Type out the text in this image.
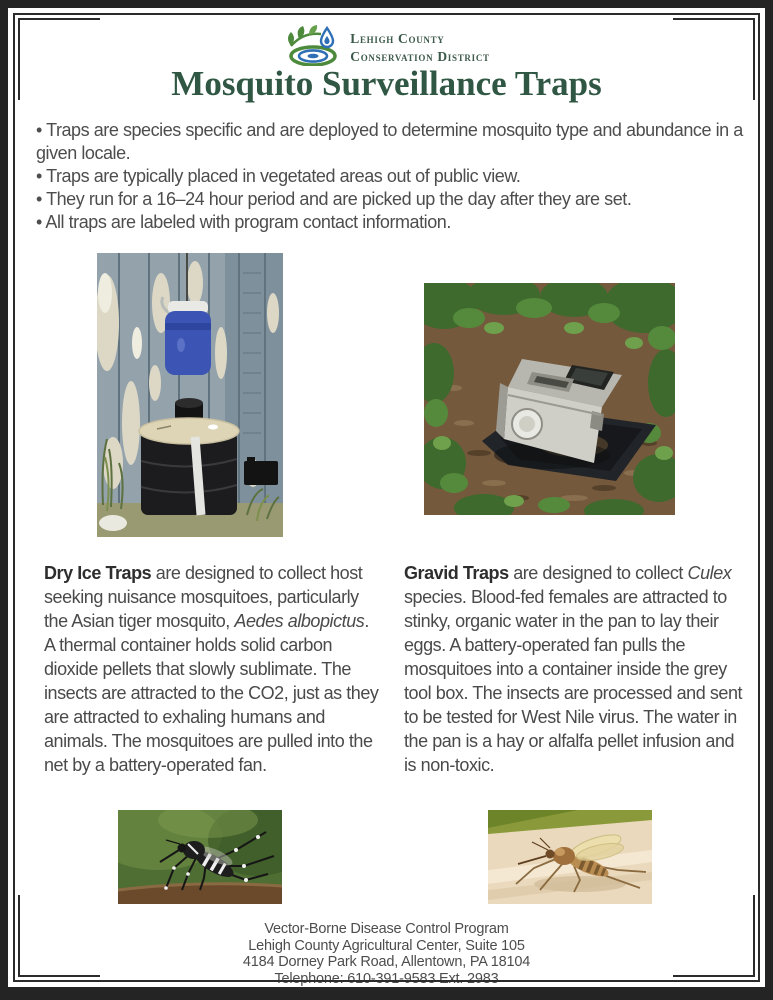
Lehigh County
Conservation District
Mosquito Surveillance Traps
• Traps are species specific and are deployed to determine mosquito type and abundance in a given locale.
• Traps are typically placed in vegetated areas out of public view.
• They run for a 16–24 hour period and are picked up the day after they are set.
• All traps are labeled with program contact information.
Dry Ice Traps are designed to collect host seeking nuisance mosquitoes, particularly the Asian tiger mosquito, Aedes albopictus. A thermal container holds solid carbon dioxide pellets that slowly sublimate. The insects are attracted to the CO2, just as they are attracted to exhaling humans and animals. The mosquitoes are pulled into the net by a battery-operated fan.
Gravid Traps are designed to collect Culex species. Blood-fed females are attracted to stinky, organic water in the pan to lay their eggs. A battery-operated fan pulls the mosquitoes into a container inside the grey tool box. The insects are processed and sent to be tested for West Nile virus. The water in the pan is a hay or alfalfa pellet infusion and is non-toxic.
Vector-Borne Disease Control Program
Lehigh County Agricultural Center, Suite 105
4184 Dorney Park Road, Allentown, PA 18104
Telephone: 610-391-9583 Ext. 2983
